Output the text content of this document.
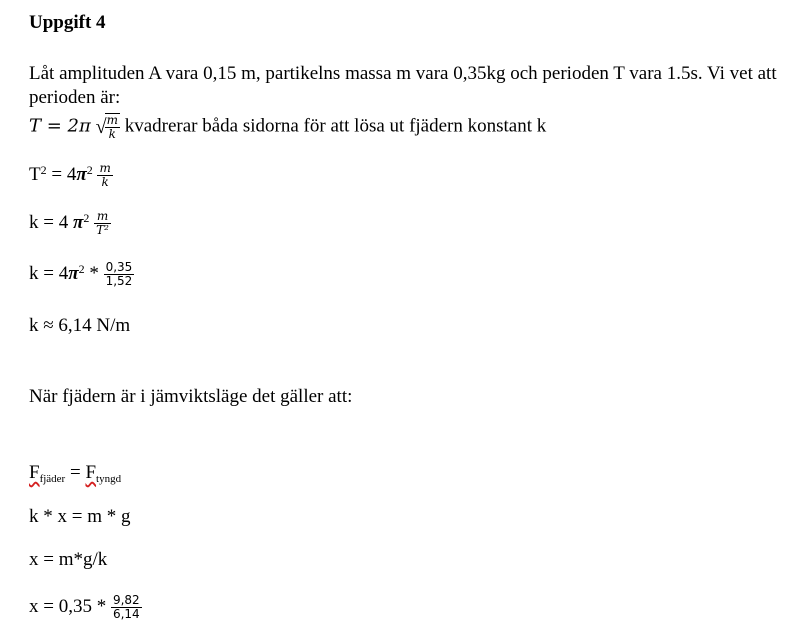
Uppgift 4
Låt amplituden A vara 0,15 m, partikelns massa m vara 0,35kg och perioden T vara 1.5s. Vi vet att perioden är:
T = 2π √
$\frac{m}{k}$ kvadrerar båda sidorna för att lösa ut fjädern konstant k
$T^2 = 4\pi^2 \frac{m}{k}$
k = 4 $\pi^2 \frac{m}{\text{T²}}$
$k = 4\pi^2 * \frac{0,35}{1,52}$
k ≈ 6,14 N/m
När fjädern är i jämviktsläge det gäller att:
$F_{fjäder} = F_{tyngd}$
k * x = m * g
x = m*g/k
$x = 0,35 * \frac{9,82}{6,14}$
